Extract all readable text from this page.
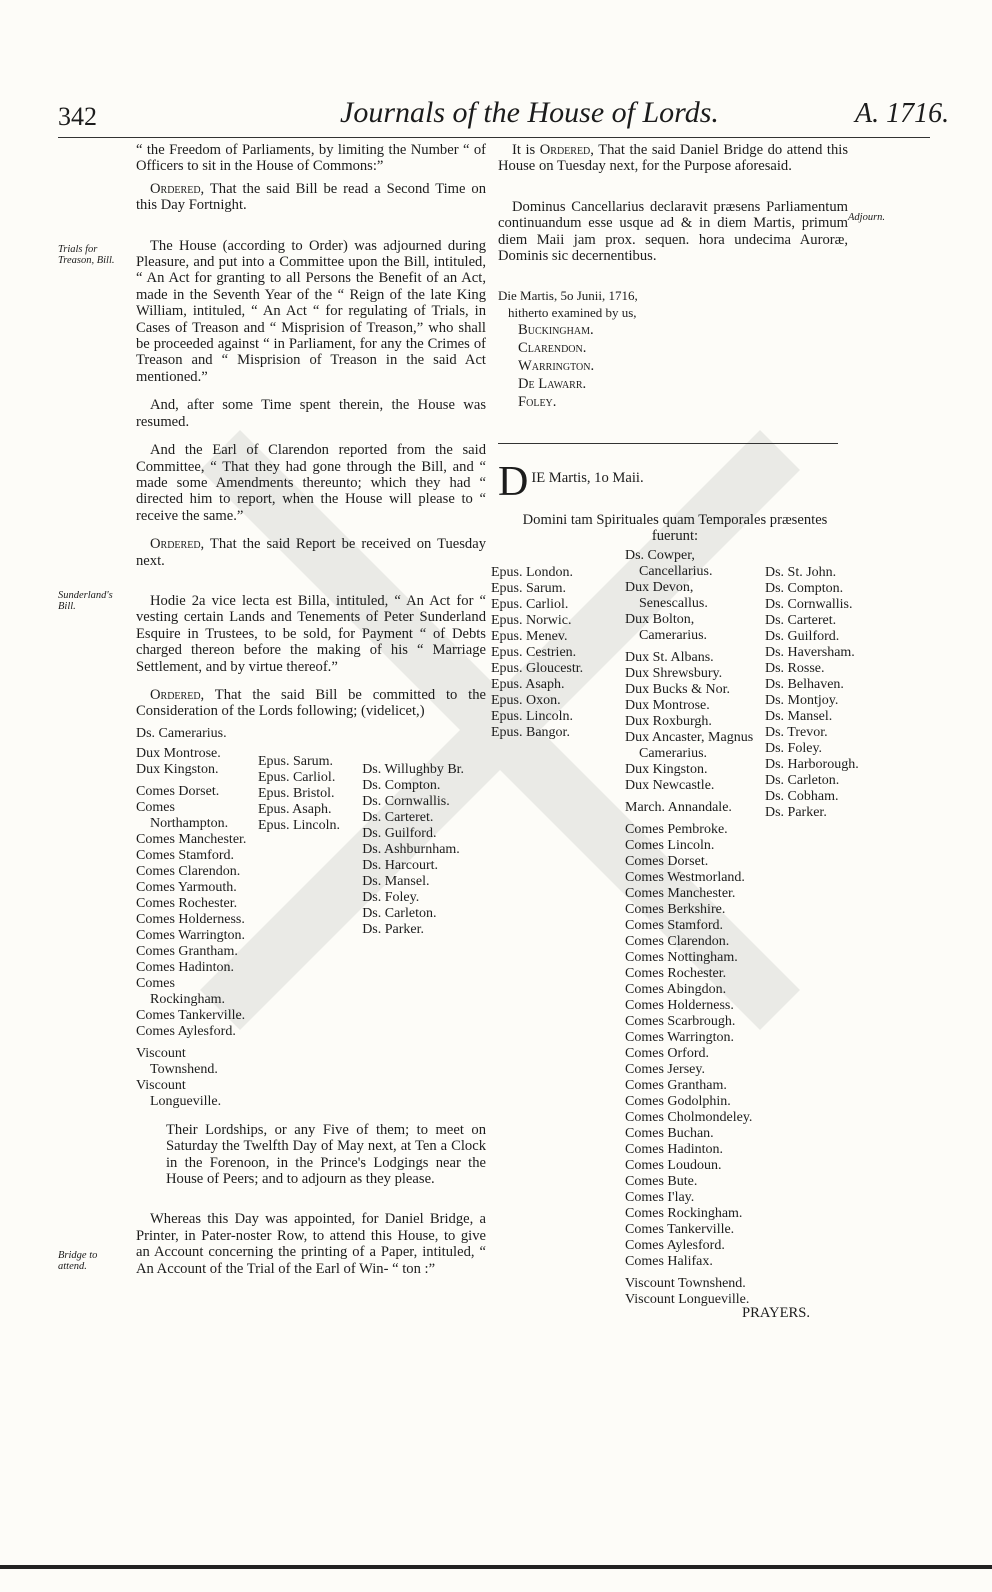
342	Journals of the House of Lords.	A. 1716.
Trials for Treason, Bill.
Sunderland's Bill.
Bridge to attend.
Adjourn.

“ the Freedom of Parliaments, by limiting the Number “ of Officers to sit in the House of Commons:”

Ordered, That the said Bill be read a Second Time on this Day Fortnight.

The House (according to Order) was adjourned during Pleasure, and put into a Committee upon the Bill, intituled, “ An Act for granting to all Persons the Benefit of an Act, made in the Seventh Year of the “ Reign of the late King William, intituled, “ An Act “ for regulating of Trials, in Cases of Treason and “ Misprision of Treason,” who shall be proceeded against “ in Parliament, for any the Crimes of Treason and “ Misprision of Treason in the said Act mentioned.”

And, after some Time spent therein, the House was resumed.

And the Earl of Clarendon reported from the said Committee, “ That they had gone through the Bill, and “ made some Amendments thereunto; which they had “ directed him to report, when the House will please to “ receive the same.”

Ordered, That the said Report be received on Tuesday next.

Hodie 2a vice lecta est Billa, intituled, “ An Act for “ vesting certain Lands and Tenements of Peter Sunderland Esquire in Trustees, to be sold, for Payment “ of Debts charged thereon before the making of his “ Marriage Settlement, and by virtue thereof.”

Ordered, That the said Bill be committed to the Consideration of the Lords following; (videlicet,)

Ds. Camerarius.
Dux Montrose.
Dux Kingston.
Comes Dorset.
Comes Northampton.
Comes Manchester.
Comes Stamford.
Comes Clarendon.
Comes Yarmouth.
Comes Rochester.
Comes Holderness.
Comes Warrington.
Comes Grantham.
Comes Hadinton.
Comes Rockingham.
Comes Tankerville.
Comes Aylesford.
Viscount Townshend.
Viscount Longueville.
Epus. Sarum.
Epus. Carliol.
Epus. Bristol.
Epus. Asaph.
Epus. Lincoln.
Ds. Willughby Br.
Ds. Compton.
Ds. Cornwallis.
Ds. Carteret.
Ds. Guilford.
Ds. Ashburnham.
Ds. Harcourt.
Ds. Mansel.
Ds. Foley.
Ds. Carleton.
Ds. Parker.

Their Lordships, or any Five of them; to meet on Saturday the Twelfth Day of May next, at Ten a Clock in the Forenoon, in the Prince's Lodgings near the House of Peers; and to adjourn as they please.

Whereas this Day was appointed, for Daniel Bridge, a Printer, in Pater-noster Row, to attend this House, to give an Account concerning the printing of a Paper, intituled, “ An Account of the Trial of the Earl of Win- “ ton :”

It is Ordered, That the said Daniel Bridge do attend this House on Tuesday next, for the Purpose aforesaid.

Dominus Cancellarius declaravit præsens Parliamentum continuandum esse usque ad & in diem Martis, primum diem Maii jam prox. sequen. hora undecima Auroræ, Dominis sic decernentibus.

Die Martis, 5o Junii, 1716,
hitherto examined by us,
Buckingham.
Clarendon.
Warrington.
De Lawarr.
Foley.
D IE Martis, 1o Maii.
Domini tam Spirituales quam Temporales præsentes fuerunt:
Epus. London.
Epus. Sarum.
Epus. Carliol.
Epus. Norwic.
Epus. Menev.
Epus. Cestrien.
Epus. Gloucestr.
Epus. Asaph.
Epus. Oxon.
Epus. Lincoln.
Epus. Bangor.
Ds. Cowper, Cancellarius.
Dux Devon, Senescallus.
Dux Bolton, Camerarius.
Dux St. Albans.
Dux Shrewsbury.
Dux Bucks & Nor.
Dux Montrose.
Dux Roxburgh.
Dux Ancaster, Magnus Camerarius.
Dux Kingston.
Dux Newcastle.
March. Annandale.
Comes Pembroke.
Comes Lincoln.
Comes Dorset.
Comes Westmorland.
Comes Manchester.
Comes Berkshire.
Comes Stamford.
Comes Clarendon.
Comes Nottingham.
Comes Rochester.
Comes Abingdon.
Comes Holderness.
Comes Scarbrough.
Comes Warrington.
Comes Orford.
Comes Jersey.
Comes Grantham.
Comes Godolphin.
Comes Cholmondeley.
Comes Buchan.
Comes Hadinton.
Comes Loudoun.
Comes Bute.
Comes I'lay.
Comes Rockingham.
Comes Tankerville.
Comes Aylesford.
Comes Halifax.
Viscount Townshend.
Viscount Longueville.
Ds. St. John.
Ds. Compton.
Ds. Cornwallis.
Ds. Carteret.
Ds. Guilford.
Ds. Haversham.
Ds. Rosse.
Ds. Belhaven.
Ds. Montjoy.
Ds. Mansel.
Ds. Trevor.
Ds. Foley.
Ds. Harborough.
Ds. Carleton.
Ds. Cobham.
Ds. Parker.
PRAYERS.
